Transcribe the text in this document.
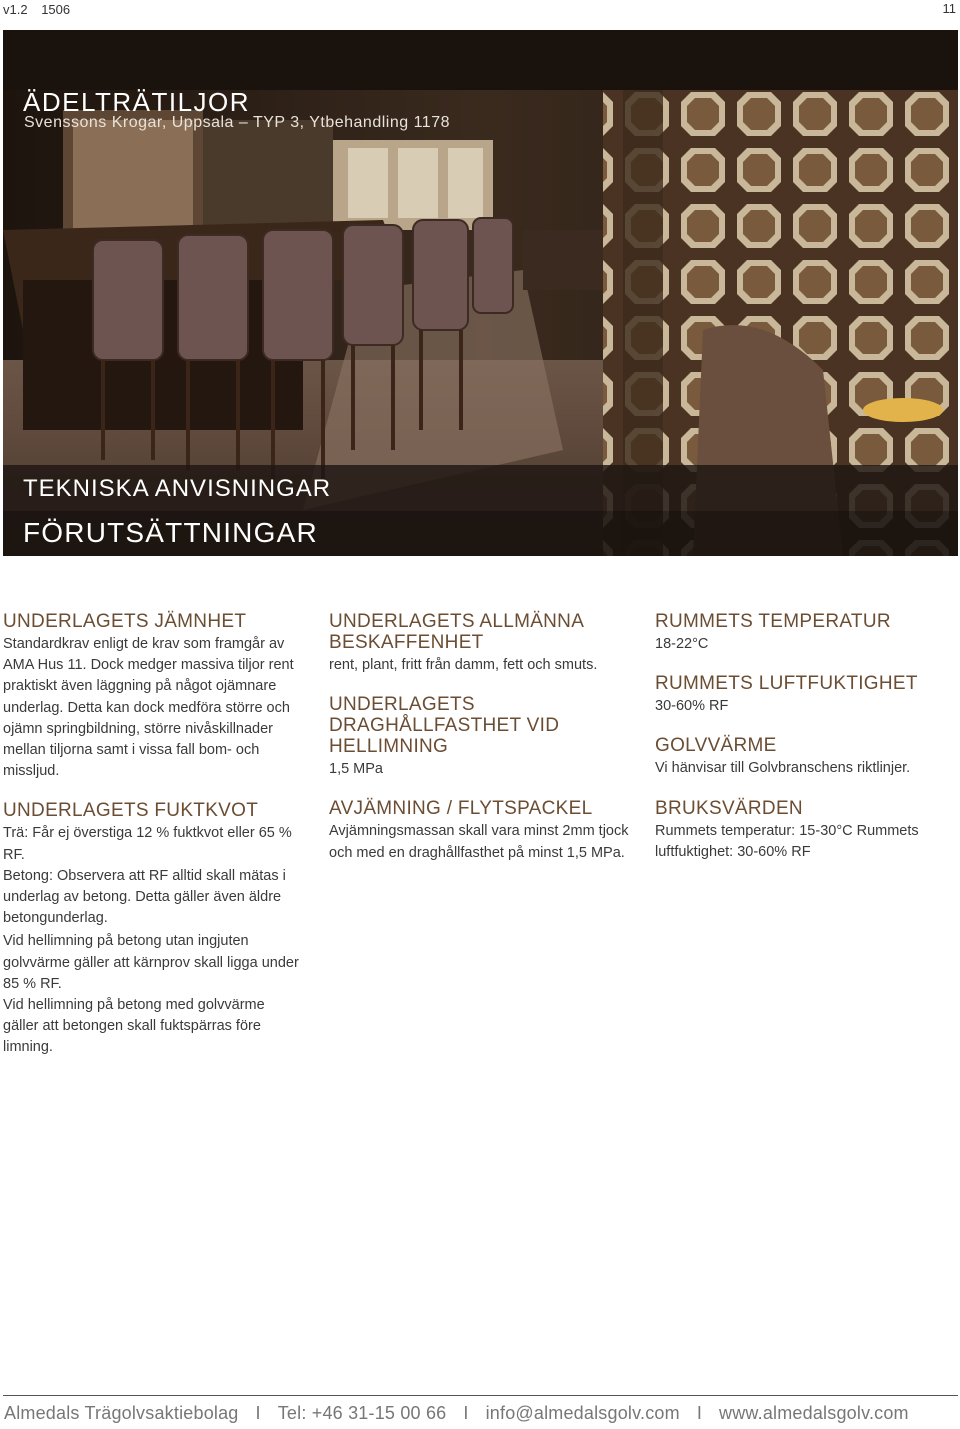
v1.2 1506	11
ÄDELTRÄTILJOR
Svenssons Krogar, Uppsala – TYP 3, Ytbehandling 1178
TEKNISKA ANVISNINGAR
FÖRUTSÄTTNINGAR
UNDERLAGETS JÄMNHET

Standardkrav enligt de krav som framgår av AMA Hus 11. Dock medger massiva tiljor rent praktiskt även läggning på något ojämnare underlag. Detta kan dock medföra större och ojämn springbildning, större nivåskillnader mellan tiljorna samt i vissa fall bom- och missljud.

UNDERLAGETS FUKTKVOT

Trä: Får ej överstiga 12 % fuktkvot eller 65 % RF.

Betong: Observera att RF alltid skall mätas i underlag av betong. Detta gäller även äldre betongunderlag.

Vid hellimning på betong utan ingjuten golvvärme gäller att kärnprov skall ligga under 85 % RF.

Vid hellimning på betong med golvvärme gäller att betongen skall fuktspärras före limning.

UNDERLAGETS ALLMÄNNA BESKAFFENHET

rent, plant, fritt från damm, fett och smuts.

UNDERLAGETS DRAGHÅLLFASTHET VID HELLIMNING

1,5 MPa

AVJÄMNING / FLYTSPACKEL

Avjämningsmassan skall vara minst 2mm tjock och med en draghållfasthet på minst 1,5 MPa.

RUMMETS TEMPERATUR

18-22°C

RUMMETS LUFTFUKTIGHET

30-60% RF

GOLVVÄRME

Vi hänvisar till Golvbranschens riktlinjer.

BRUKSVÄRDEN

Rummets temperatur: 15-30°C Rummets luftfuktighet: 30-60% RF

Almedals Trägolvsaktiebolag I Tel: +46 31-15 00 66 I info@almedalsgolv.com I www.almedalsgolv.com
